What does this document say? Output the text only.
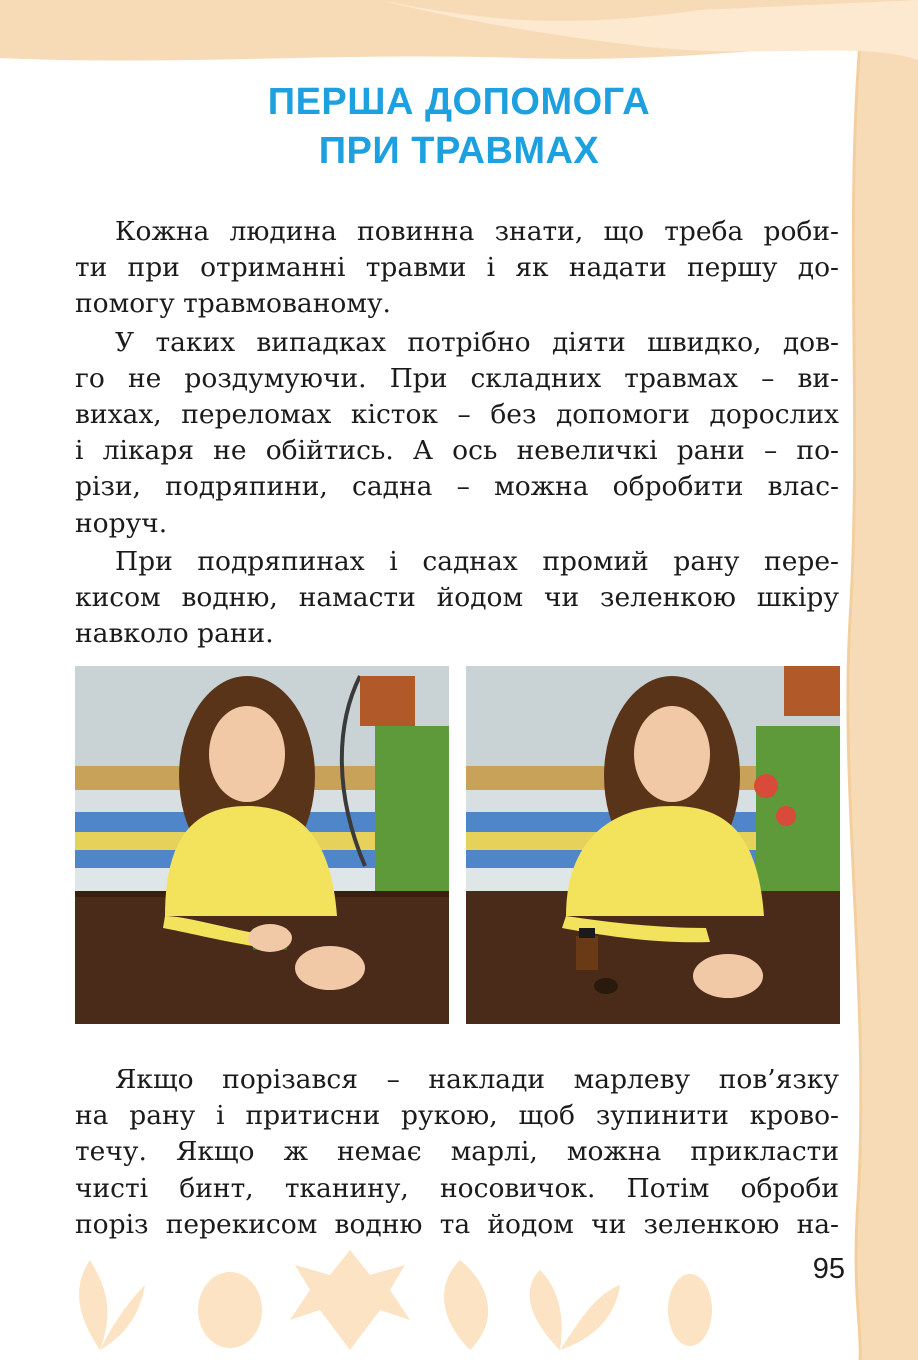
ПЕРША ДОПОМОГА
ПРИ ТРАВМАХ
Кожна людина повинна знати, що треба роби-
ти при отриманні травми і як надати першу до-
помогу травмованому.
У таких випадках потрібно діяти швидко, дов-
го не роздумуючи. При складних травмах – ви-
вихах, переломах кісток – без допомоги дорослих
і лікаря не обійтись. А ось невеличкі рани – по-
різи, подряпини, садна – можна обробити влас-
норуч.
При подряпинах і саднах промий рану пере-
кисом водню, намасти йодом чи зеленкою шкіру
навколо рани.
Якщо порізався – наклади марлеву пов’язку
на рану і притисни рукою, щоб зупинити крово-
течу. Якщо ж немає марлі, можна прикласти
чисті бинт, тканину, носовичок. Потім оброби
поріз перекисом водню та йодом чи зеленкою на-
95
